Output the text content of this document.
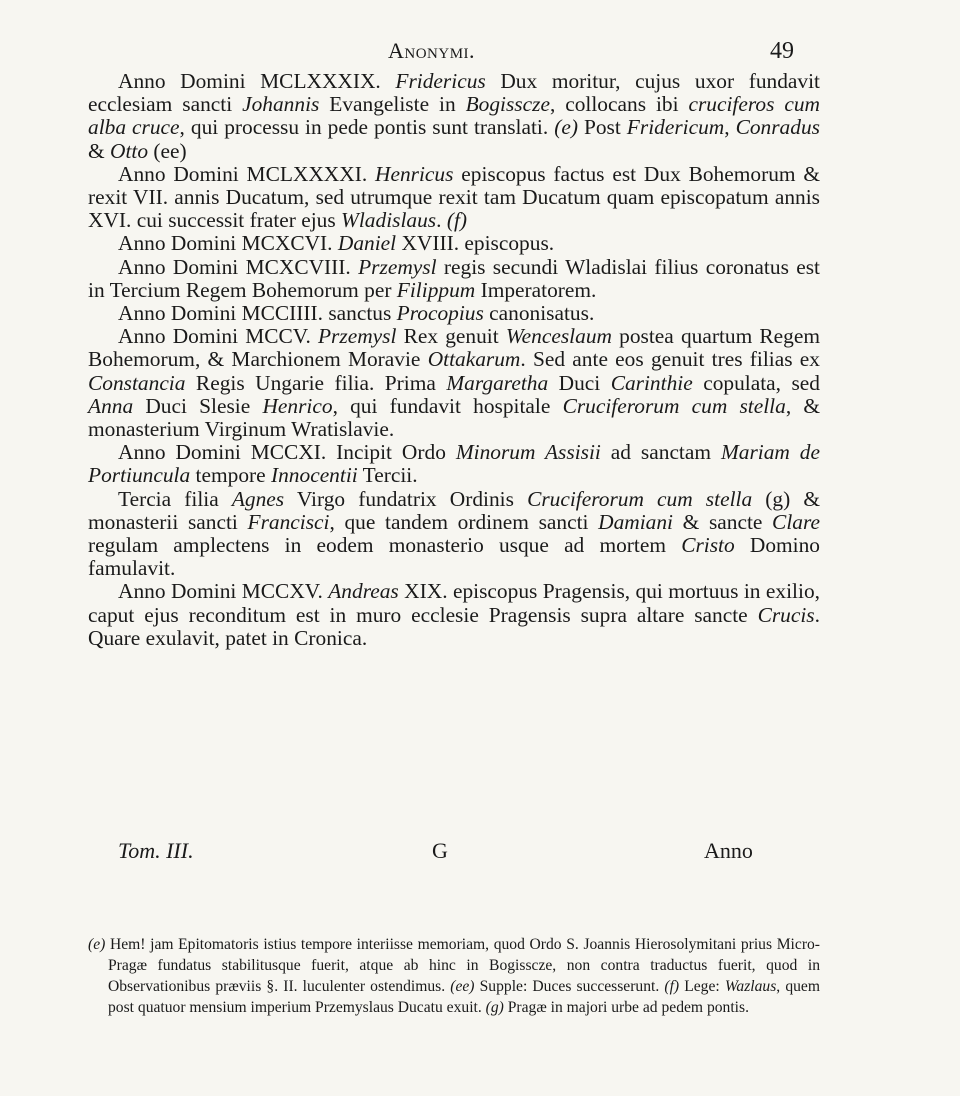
Anonymi.	49

Anno Domini MCLXXXIX. Fridericus Dux moritur, cujus uxor fundavit ecclesiam sancti Johannis Evangeliste in Bogisscze, collocans ibi cruciferos cum alba cruce, qui processu in pede pontis sunt translati. (e) Post Fridericum, Conradus & Otto (ee)

Anno Domini MCLXXXXI. Henricus episcopus factus est Dux Bohemorum & rexit VII. annis Ducatum, sed utrumque rexit tam Ducatum quam episcopatum annis XVI. cui successit frater ejus Wladislaus. (f)

Anno Domini MCXCVI. Daniel XVIII. episcopus.

Anno Domini MCXCVIII. Przemysl regis secundi Wladislai filius coronatus est in Tercium Regem Bohemorum per Filippum Imperatorem.

Anno Domini MCCIIII. sanctus Procopius canonisatus.

Anno Domini MCCV. Przemysl Rex genuit Wenceslaum postea quartum Regem Bohemorum, & Marchionem Moravie Ottakarum. Sed ante eos genuit tres filias ex Constancia Regis Ungarie filia. Prima Margaretha Duci Carinthie copulata, sed Anna Duci Slesie Henrico, qui fundavit hospitale Cruciferorum cum stella, & monasterium Virginum Wratislavie.

Anno Domini MCCXI. Incipit Ordo Minorum Assisii ad sanctam Mariam de Portiuncula tempore Innocentii Tercii.

Tercia filia Agnes Virgo fundatrix Ordinis Cruciferorum cum stella (g) & monasterii sancti Francisci, que tandem ordinem sancti Damiani & sancte Clare regulam amplectens in eodem monasterio usque ad mortem Cristo Domino famulavit.

Anno Domini MCCXV. Andreas XIX. episcopus Pragensis, qui mortuus in exilio, caput ejus reconditum est in muro ecclesie Pragensis supra altare sancte Crucis. Quare exulavit, patet in Cronica.

Tom. III.	G	Anno

(e) Hem! jam Epitomatoris istius tempore interiisse memoriam, quod Ordo S. Joannis Hierosolymitani prius Micro-Pragæ fundatus stabilitusque fuerit, atque ab hinc in Bogisscze, non contra traductus fuerit, quod in Observationibus præviis §. II. luculenter ostendimus. (ee) Supple: Duces successerunt. (f) Lege: Wazlaus, quem post quatuor mensium imperium Przemyslaus Ducatu exuit. (g) Pragæ in majori urbe ad pedem pontis.
